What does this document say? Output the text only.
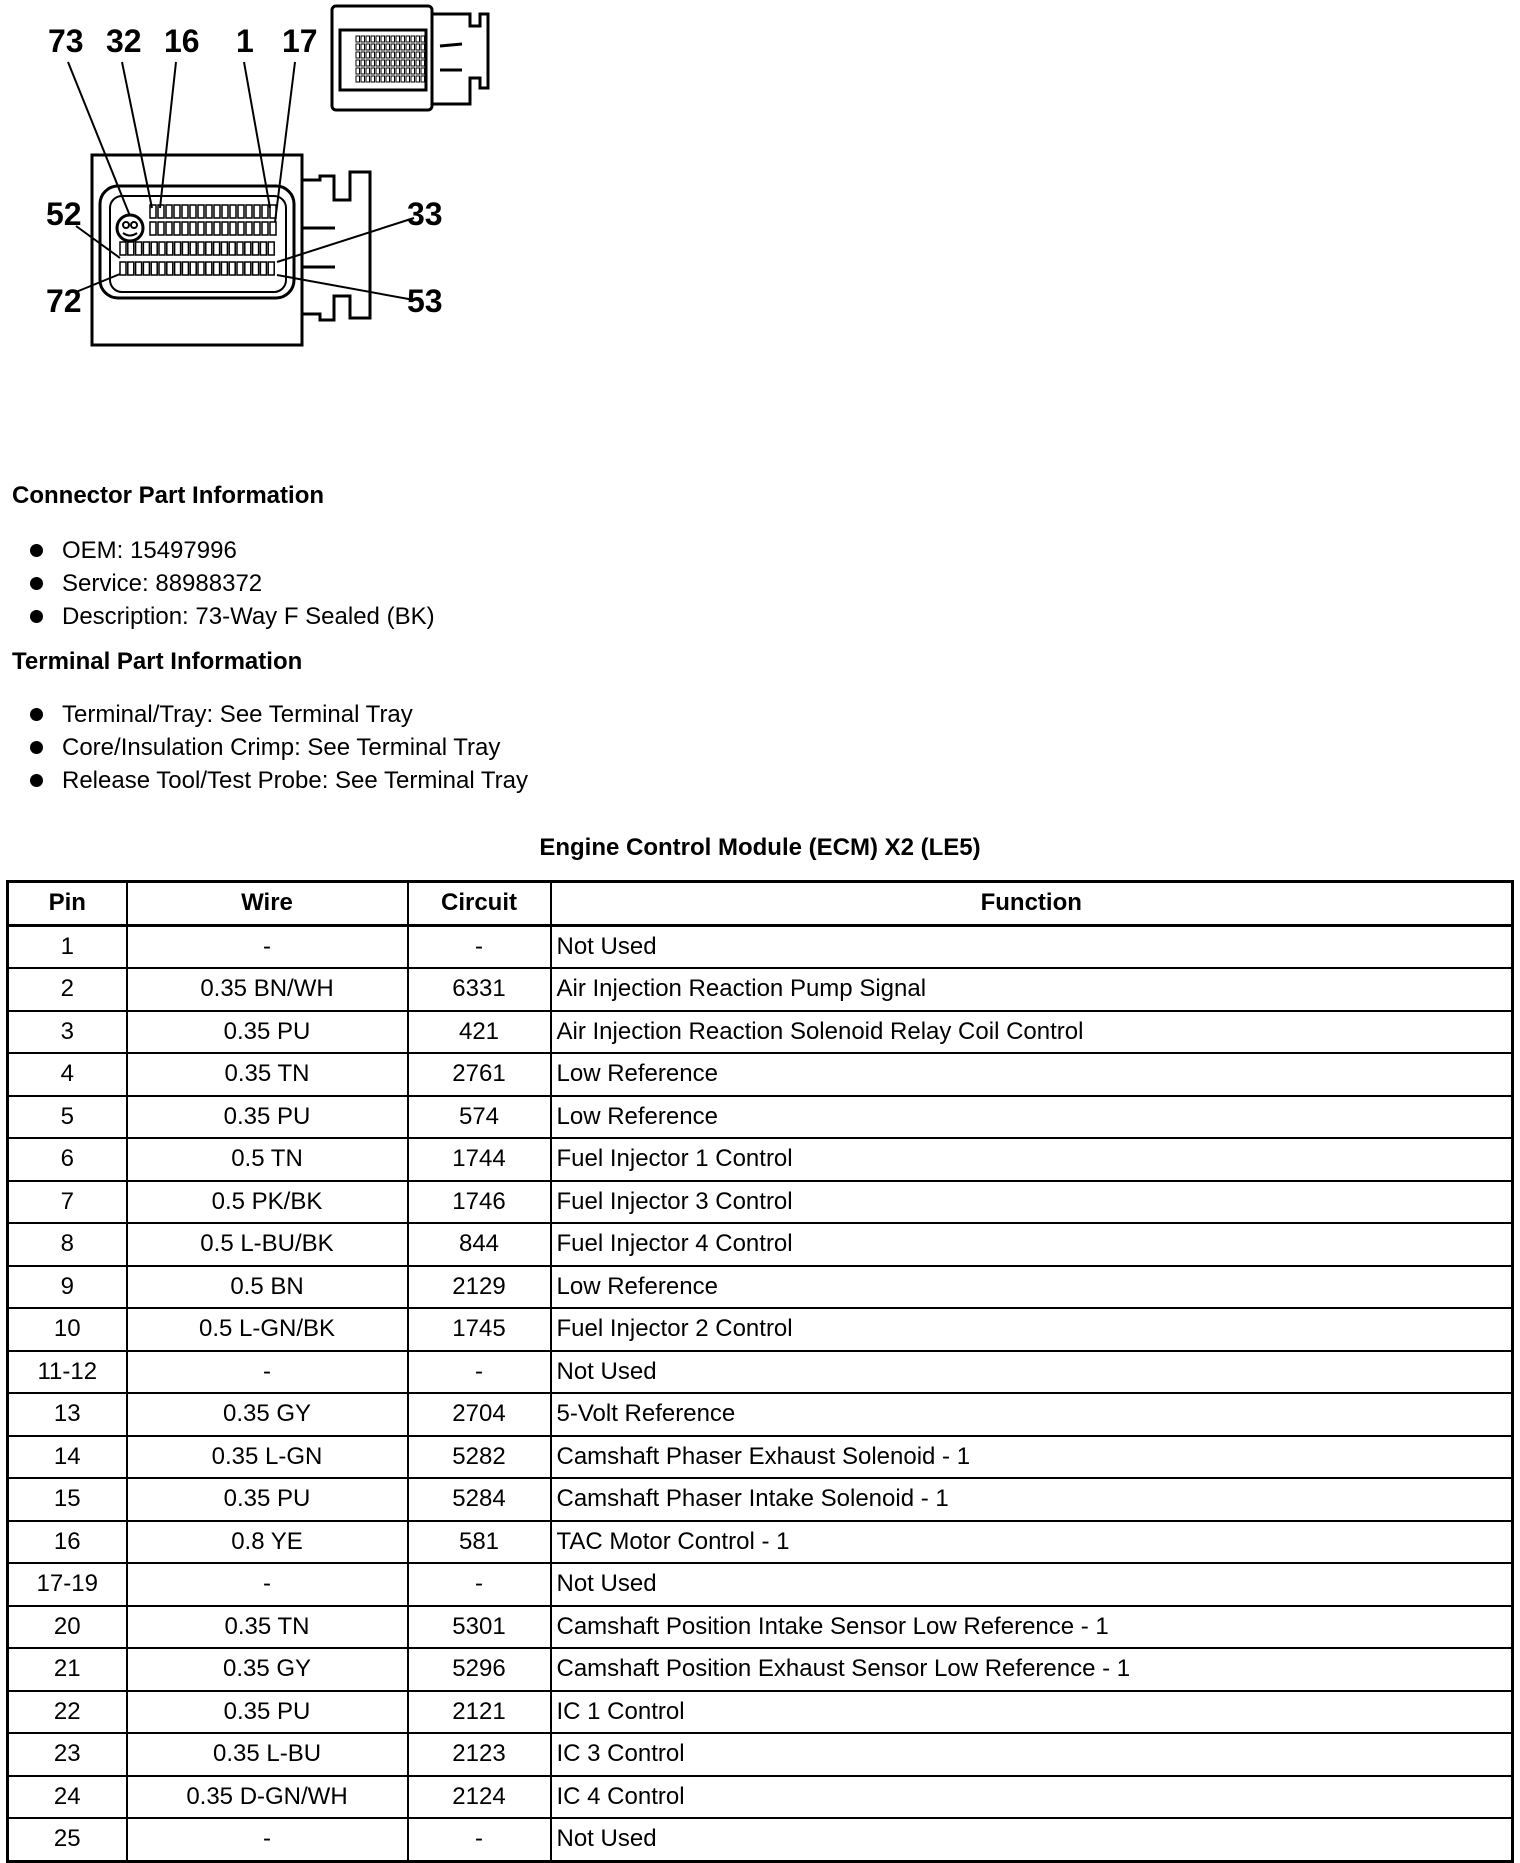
73 32 16 1 17
52	33
72	53
Connector Part Information
OEM: 15497996
Service: 88988372
Description: 73-Way F Sealed (BK)
Terminal Part Information
Terminal/Tray: See Terminal Tray
Core/Insulation Crimp: See Terminal Tray
Release Tool/Test Probe: See Terminal Tray
Engine Control Module (ECM) X2 (LE5)
Pin	Wire	Circuit	Function
1	-	-	Not Used
2	0.35 BN/WH	6331	Air Injection Reaction Pump Signal
3	0.35 PU	421	Air Injection Reaction Solenoid Relay Coil Control
4	0.35 TN	2761	Low Reference
5	0.35 PU	574	Low Reference
6	0.5 TN	1744	Fuel Injector 1 Control
7	0.5 PK/BK	1746	Fuel Injector 3 Control
8	0.5 L-BU/BK	844	Fuel Injector 4 Control
9	0.5 BN	2129	Low Reference
10	0.5 L-GN/BK	1745	Fuel Injector 2 Control
11-12	-	-	Not Used
13	0.35 GY	2704	5-Volt Reference
14	0.35 L-GN	5282	Camshaft Phaser Exhaust Solenoid - 1
15	0.35 PU	5284	Camshaft Phaser Intake Solenoid - 1
16	0.8 YE	581	TAC Motor Control - 1
17-19	-	-	Not Used
20	0.35 TN	5301	Camshaft Position Intake Sensor Low Reference - 1
21	0.35 GY	5296	Camshaft Position Exhaust Sensor Low Reference - 1
22	0.35 PU	2121	IC 1 Control
23	0.35 L-BU	2123	IC 3 Control
24	0.35 D-GN/WH	2124	IC 4 Control
25	-	-	Not Used
